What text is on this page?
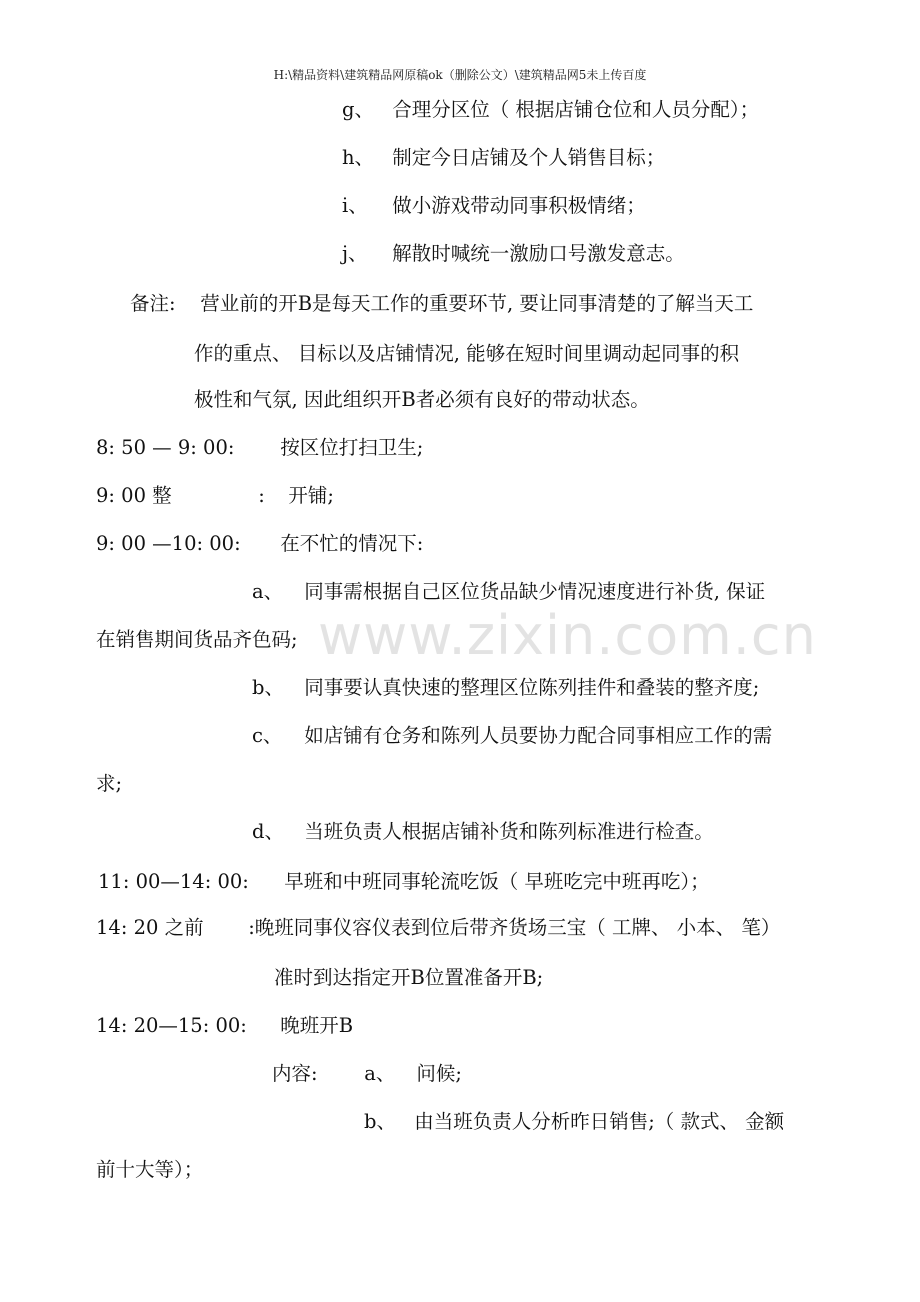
H:\精品资料\建筑精品网原稿ok（删除公文）\建筑精品网5未上传百度
www.zixin.com.cn
g、 合理分区位（ 根据店铺仓位和人员分配）；
h、 制定今日店铺及个人销售目标；
i、 做小游戏带动同事积极情绪；
j、 解散时喊统一激励口号激发意志。
备注: 营业前的开B是每天工作的重要环节, 要让同事清楚的了解当天工
作的重点、 目标以及店铺情况, 能够在短时间里调动起同事的积
极性和气氛, 因此组织开B者必须有良好的带动状态。
8: 50 — 9: 00: 按区位打扫卫生;
9: 00 整	: 开铺;
9: 00 —10: 00: 在不忙的情况下:
a、 同事需根据自己区位货品缺少情况速度进行补货, 保证
在销售期间货品齐色码;
b、 同事要认真快速的整理区位陈列挂件和叠装的整齐度;
c、 如店铺有仓务和陈列人员要协力配合同事相应工作的需
求;
d、 当班负责人根据店铺补货和陈列标准进行检查。
11: 00—14: 00: 早班和中班同事轮流吃饭（ 早班吃完中班再吃）；
14: 20 之前 :晚班同事仪容仪表到位后带齐货场三宝（ 工牌、 小本、 笔）
准时到达指定开B位置准备开B;
14: 20—15: 00: 晚班开B
内容: a、 问候;
b、 由当班负责人分析昨日销售;（ 款式、 金额
前十大等）；
